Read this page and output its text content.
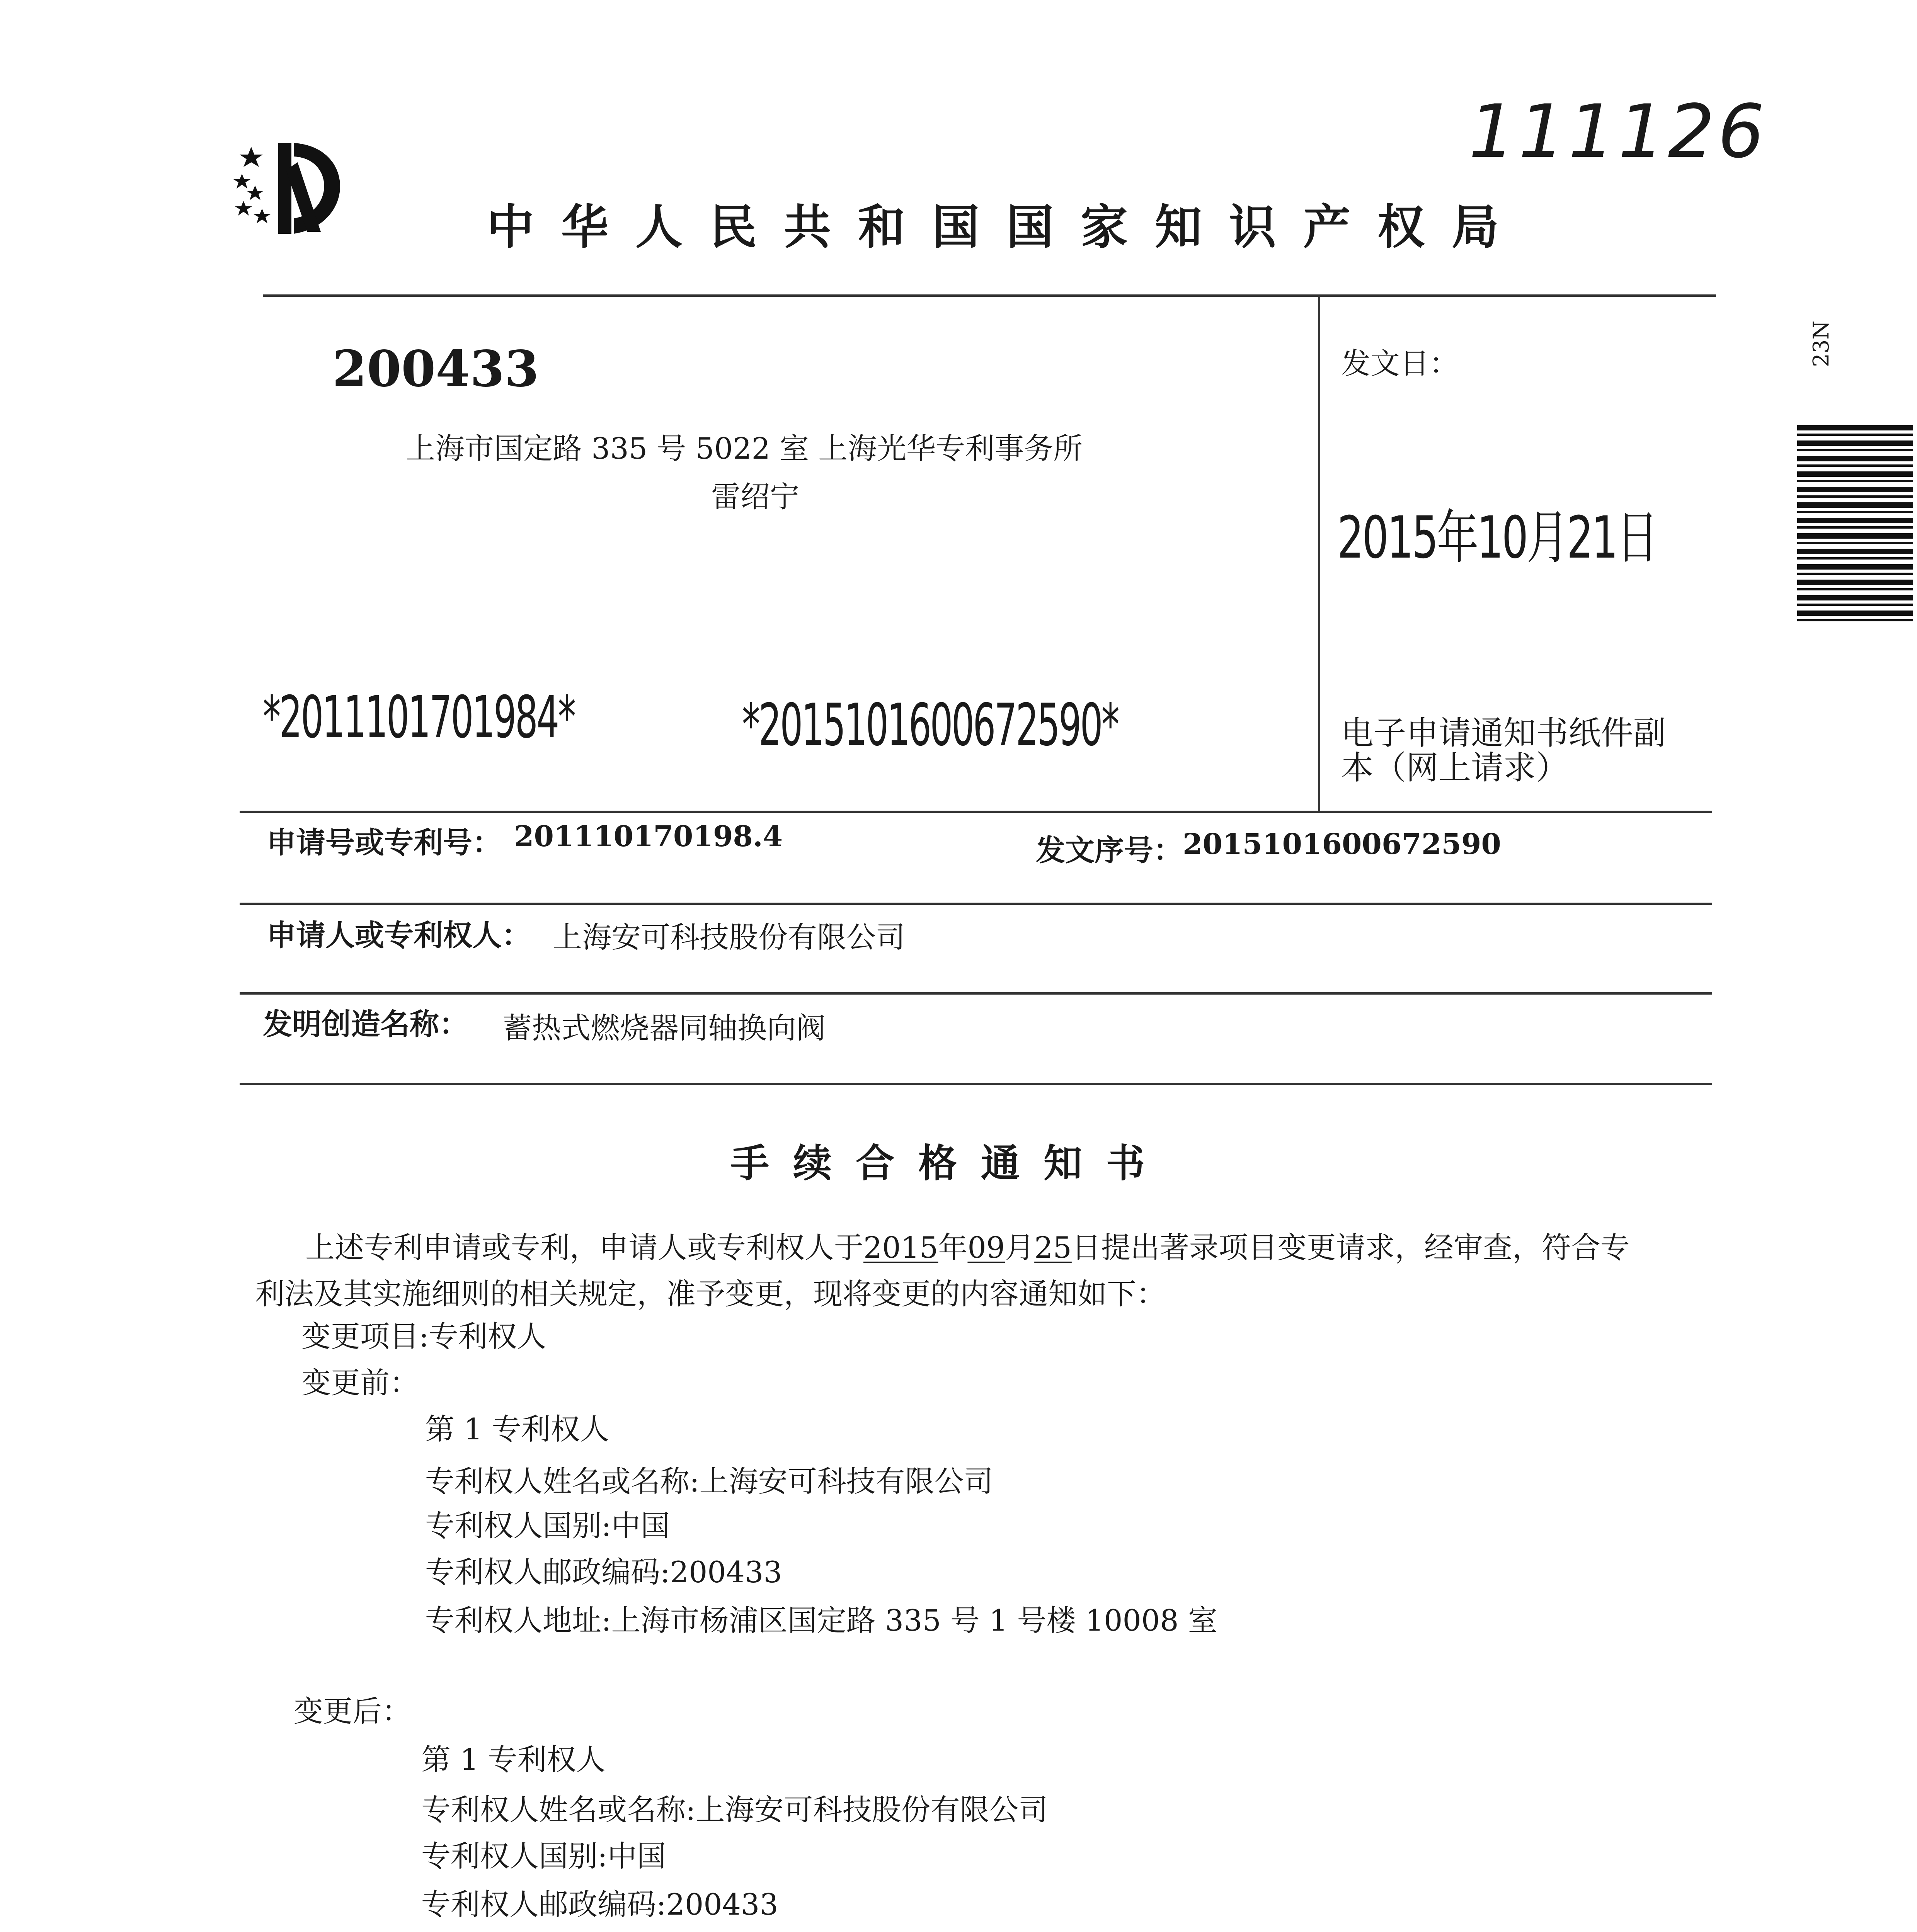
111126
中华人民共和国国家知识产权局
200433
上海市国定路 335 号 5022 室 上海光华专利事务所
雷绍宁
发文日：
2015年10月21日
*2011101701984*	*2015101600672590*	电子申请通知书纸件副
本（网上请求）
23N
申请号或专利号： 201110170198.4	发文序号： 2015101600672590
申请人或专利权人： 上海安可科技股份有限公司
发明创造名称： 蓄热式燃烧器同轴换向阀
手续合格通知书
上述专利申请或专利，申请人或专利权人于2015年09月25日提出著录项目变更请求，经审查，符合专
利法及其实施细则的相关规定，准予变更，现将变更的内容通知如下：
变更项目:专利权人
变更前：
第 1 专利权人
专利权人姓名或名称:上海安可科技有限公司
专利权人国别:中国
专利权人邮政编码:200433
专利权人地址:上海市杨浦区国定路 335 号 1 号楼 10008 室
变更后：
第 1 专利权人
专利权人姓名或名称:上海安可科技股份有限公司
专利权人国别:中国
专利权人邮政编码:200433
